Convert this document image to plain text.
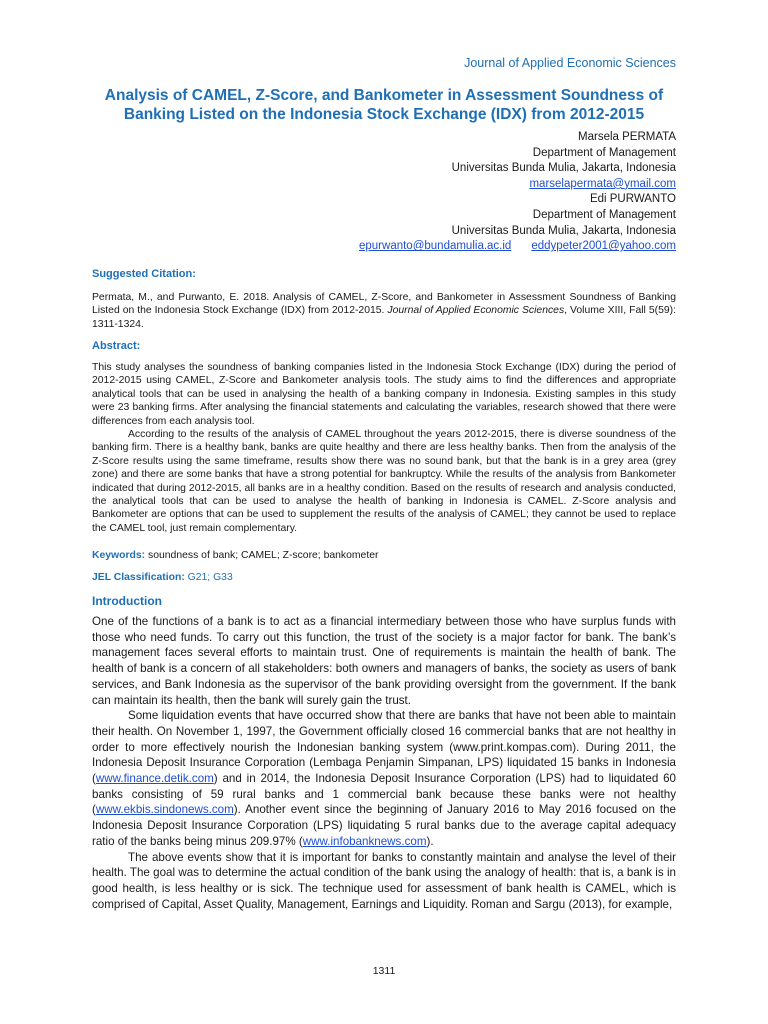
Journal of Applied Economic Sciences
Analysis of CAMEL, Z-Score, and Bankometer in Assessment Soundness of
Banking Listed on the Indonesia Stock Exchange (IDX) from 2012-2015
Marsela PERMATA
Department of Management
Universitas Bunda Mulia, Jakarta, Indonesia
marselapermata@ymail.com
Edi PURWANTO
Department of Management
Universitas Bunda Mulia, Jakarta, Indonesia
epurwanto@bundamulia.ac.id eddypeter2001@yahoo.com
Suggested Citation:
Permata, M., and Purwanto, E. 2018. Analysis of CAMEL, Z-Score, and Bankometer in Assessment Soundness of Banking Listed on the Indonesia Stock Exchange (IDX) from 2012-2015. Journal of Applied Economic Sciences, Volume XIII, Fall 5(59): 1311-1324.
Abstract:

This study analyses the soundness of banking companies listed in the Indonesia Stock Exchange (IDX) during the period of 2012-2015 using CAMEL, Z-Score and Bankometer analysis tools. The study aims to find the differences and appropriate analytical tools that can be used in analysing the health of a banking company in Indonesia. Existing samples in this study were 23 banking firms. After analysing the financial statements and calculating the variables, research showed that there were differences from each analysis tool.

According to the results of the analysis of CAMEL throughout the years 2012-2015, there is diverse soundness of the banking firm. There is a healthy bank, banks are quite healthy and there are less healthy banks. Then from the analysis of the Z-Score results using the same timeframe, results show there was no sound bank, but that the bank is in a grey area (grey zone) and there are some banks that have a strong potential for bankruptcy. While the results of the analysis from Bankometer indicated that during 2012-2015, all banks are in a healthy condition. Based on the results of research and analysis conducted, the analytical tools that can be used to analyse the health of banking in Indonesia is CAMEL. Z-Score analysis and Bankometer are options that can be used to supplement the results of the analysis of CAMEL; they cannot be used to replace the CAMEL tool, just remain complementary.

Keywords: soundness of bank; CAMEL; Z-score; bankometer
JEL Classification: G21; G33
Introduction

One of the functions of a bank is to act as a financial intermediary between those who have surplus funds with those who need funds. To carry out this function, the trust of the society is a major factor for bank. The bank’s management faces several efforts to maintain trust. One of requirements is maintain the health of bank. The health of bank is a concern of all stakeholders: both owners and managers of banks, the society as users of bank services, and Bank Indonesia as the supervisor of the bank providing oversight from the government. If the bank can maintain its health, then the bank will surely gain the trust.

Some liquidation events that have occurred show that there are banks that have not been able to maintain their health. On November 1, 1997, the Government officially closed 16 commercial banks that are not healthy in order to more effectively nourish the Indonesian banking system (www.print.kompas.com). During 2011, the Indonesia Deposit Insurance Corporation (Lembaga Penjamin Simpanan, LPS) liquidated 15 banks in Indonesia (www.finance.detik.com) and in 2014, the Indonesia Deposit Insurance Corporation (LPS) had to liquidated 60 banks consisting of 59 rural banks and 1 commercial bank because these banks were not healthy (www.ekbis.sindonews.com). Another event since the beginning of January 2016 to May 2016 focused on the Indonesia Deposit Insurance Corporation (LPS) liquidating 5 rural banks due to the average capital adequacy ratio of the banks being minus 209.97% (www.infobanknews.com).

The above events show that it is important for banks to constantly maintain and analyse the level of their health. The goal was to determine the actual condition of the bank using the analogy of health: that is, a bank is in good health, is less healthy or is sick. The technique used for assessment of bank health is CAMEL, which is comprised of Capital, Asset Quality, Management, Earnings and Liquidity. Roman and Sargu (2013), for example,

1311
